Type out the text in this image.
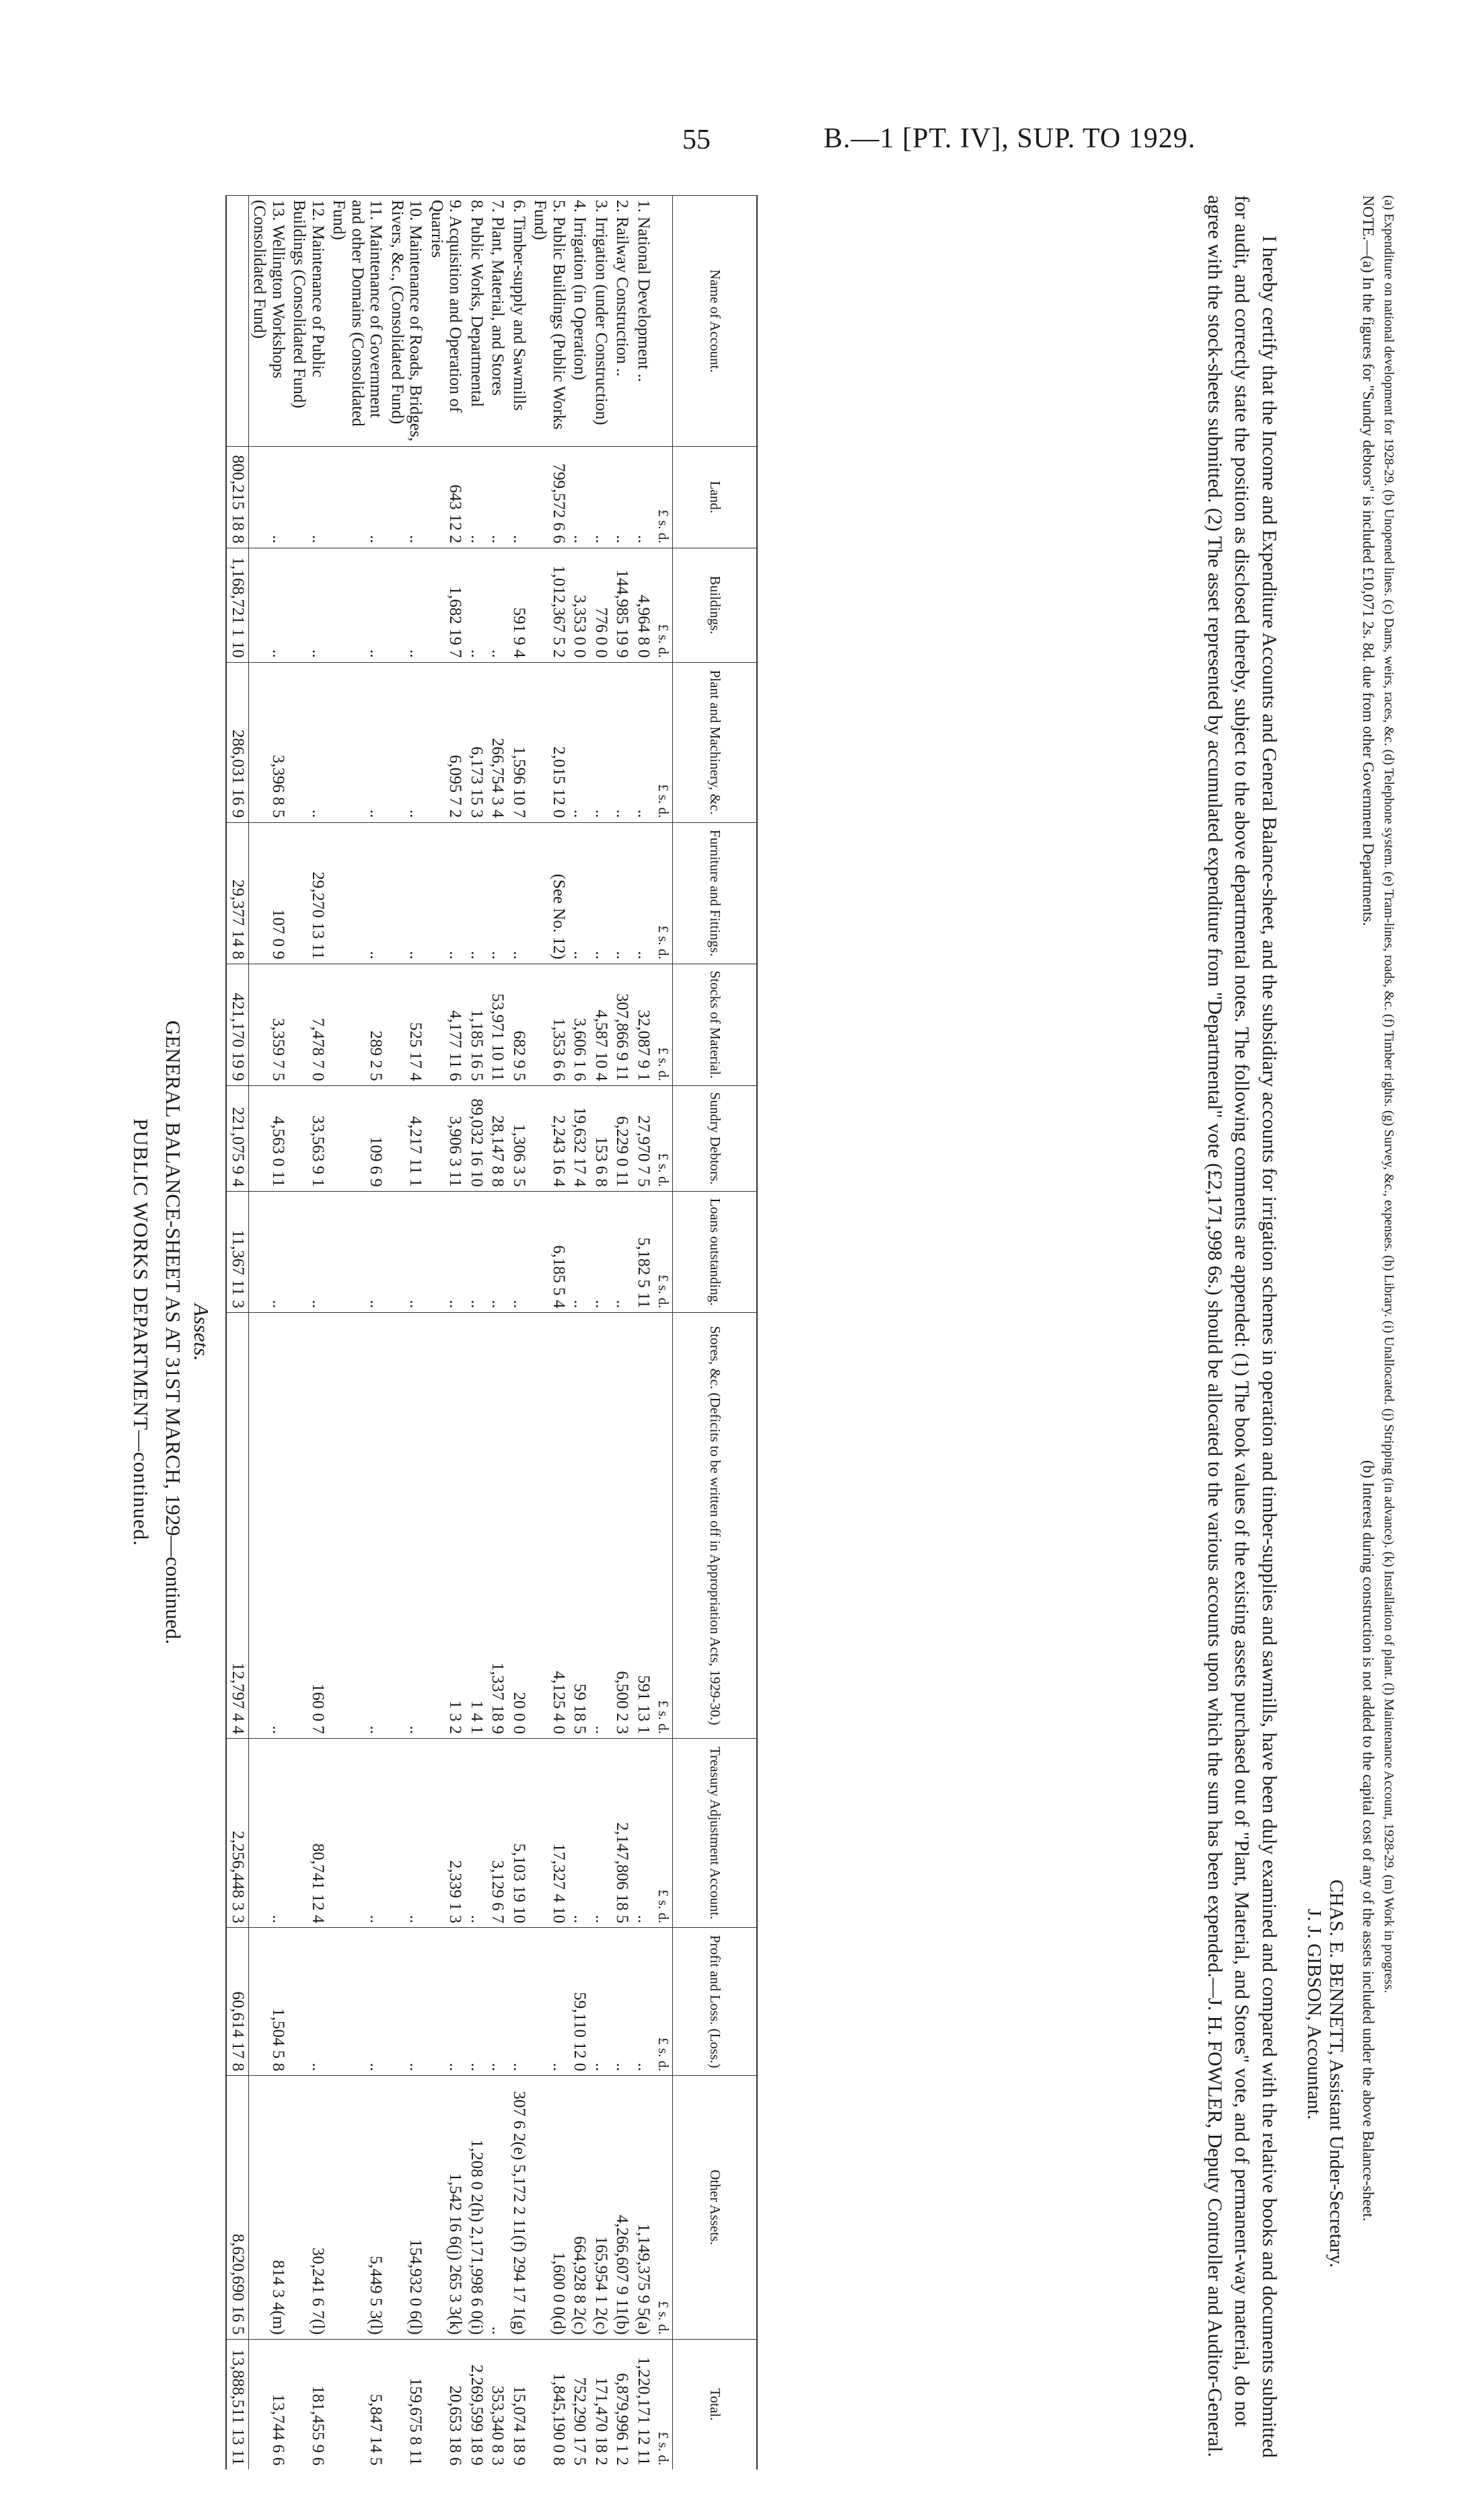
55	B.—1 [PT. IV], SUP. TO 1929.
PUBLIC WORKS DEPARTMENT—continued. GENERAL BALANCE-SHEET AS AT 31ST MARCH, 1929—continued. Assets.
Name of Account.	Land.	Buildings.	Plant and Machinery, &c.	Furniture and Fittings.	Stocks of Material.	Sundry Debtors.	Loans outstanding.	Stores, &c. (Deficits to be written off in Appropriation Acts, 1929-30.)	Treasury Adjustment Account.	Profit and Loss. (Loss.)	Other Assets.	Total.
	£ s. d.	£ s. d.	£ s. d.	£ s. d.	£ s. d.	£ s. d.	£ s. d.	£ s. d.	£ s. d.	£ s. d.	£ s. d.	£ s. d.
1. National Development ..	..	4,964 8 0	..	..	32,087 9 1	27,970 7 5	5,182 5 11	591 13 1	..	..	1,149,375 9 5(a)	1,220,171 12 11
2. Railway Construction ..	..	144,985 19 9	..	..	307,866 9 11	6,229 0 11	..	6,500 2 3	2,147,806 18 5	..	4,266,607 9 11(b)	6,879,996 1 2
3. Irrigation (under Construction)	..	776 0 0	..	..	4,587 10 4	153 6 8	..	..	..	..	165,954 1 2(c)	171,470 18 2
4. Irrigation (in Operation)	..	3,353 0 0	..	..	3,606 1 6	19,632 17 4	..	59 18 5	..	59,110 12 0	664,928 8 2(c)	752,290 17 5
5. Public Buildings (Public Works Fund)	799,572 6 6	1,012,367 5 2	2,015 12 0	(See No. 12)	1,353 6 6	2,243 16 4	6,185 5 4	4,125 4 0	17,327 4 10	..	1,600 0 0(d)	1,845,190 0 8
6. Timber-supply and Sawmills	..	591 9 4	1,596 10 7	..	682 9 5	1,306 3 5	..	20 0 0	5,103 19 10	..	307 6 2(e) 5,172 2 11(f) 294 17 1(g)	15,074 18 9
7. Plant, Material, and Stores	..	..	266,754 3 4	..	53,971 10 11	28,147 8 8	..	1,337 18 9	3,129 6 7	..	..	353,340 8 3
8. Public Works, Departmental	..	..	6,173 15 3	..	1,185 16 5	89,032 16 10	..	1 4 1	..	..	1,208 0 2(h) 2,171,998 6 0(i)	2,269,599 18 9
9. Acquisition and Operation of Quarries	643 12 2	1,682 19 7	6,095 7 2	..	4,177 11 6	3,906 3 11	..	1 3 2	2,339 1 3	..	1,542 16 6(j) 265 3 3(k)	20,653 18 6
10. Maintenance of Roads, Bridges, Rivers, &c., (Consolidated Fund)	..	..	..	..	525 17 4	4,217 11 1	..	..	..	..	154,932 0 6(l)	159,675 8 11
11. Maintenance of Government and other Domains (Consolidated Fund)	..	..	..	..	289 2 5	109 6 9	..	..	..	..	5,449 5 3(l)	5,847 14 5
12. Maintenance of Public Buildings (Consolidated Fund)	..	..	..	29,270 13 11	7,478 7 0	33,563 9 1	..	160 0 7	80,741 12 4	..	30,241 6 7(l)	181,455 9 6
13. Wellington Workshops (Consolidated Fund)	..	..	3,396 8 5	107 0 9	3,359 7 5	4,563 0 11	..	..	..	1,504 5 8	814 3 4(m)	13,744 6 6
	800,215 18 8	1,168,721 1 10	286,031 16 9	29,377 14 8	421,170 19 9	221,075 9 4	11,367 11 3	12,797 4 4	2,256,448 3 3	60,614 17 8	8,620,690 16 5	13,888,511 13 11
(a) Expenditure on national development for 1928-29. (b) Unopened lines. (c) Dams, weirs, races, &c. (d) Telephone system. (e) Tram-lines, roads, &c. (f) Timber rights. (g) Survey, &c., expenses. (h) Library. (i) Unallocated. (j) Stripping (in advance). (k) Installation of plant. (l) Maintenance Account, 1928-29. (m) Work in progress.
NOTE.—(a) In the figures for "Sundry debtors" is included £10,071 2s. 8d. due from other Government Departments.
(b) Interest during construction is not added to the capital cost of any of the assets included under the above Balance-sheet.
CHAS. E. BENNETT, Assistant Under-Secretary.
J. J. GIBSON, Accountant.

I hereby certify that the Income and Expenditure Accounts and General Balance-sheet, and the subsidiary accounts for irrigation schemes in operation and timber-supplies and sawmills, have been duly examined and compared with the relative books and documents submitted for audit, and correctly state the position as disclosed thereby, subject to the above departmental notes. The following comments are appended: (1) The book values of the existing assets purchased out of "Plant, Material, and Stores" vote, and of permanent-way material, do not agree with the stock-sheets submitted. (2) The asset represented by accumulated expenditure from "Departmental" vote (£2,171,998 6s.) should be allocated to the various accounts upon which the sum has been expended.—J. H. FOWLER, Deputy Controller and Auditor-General.
